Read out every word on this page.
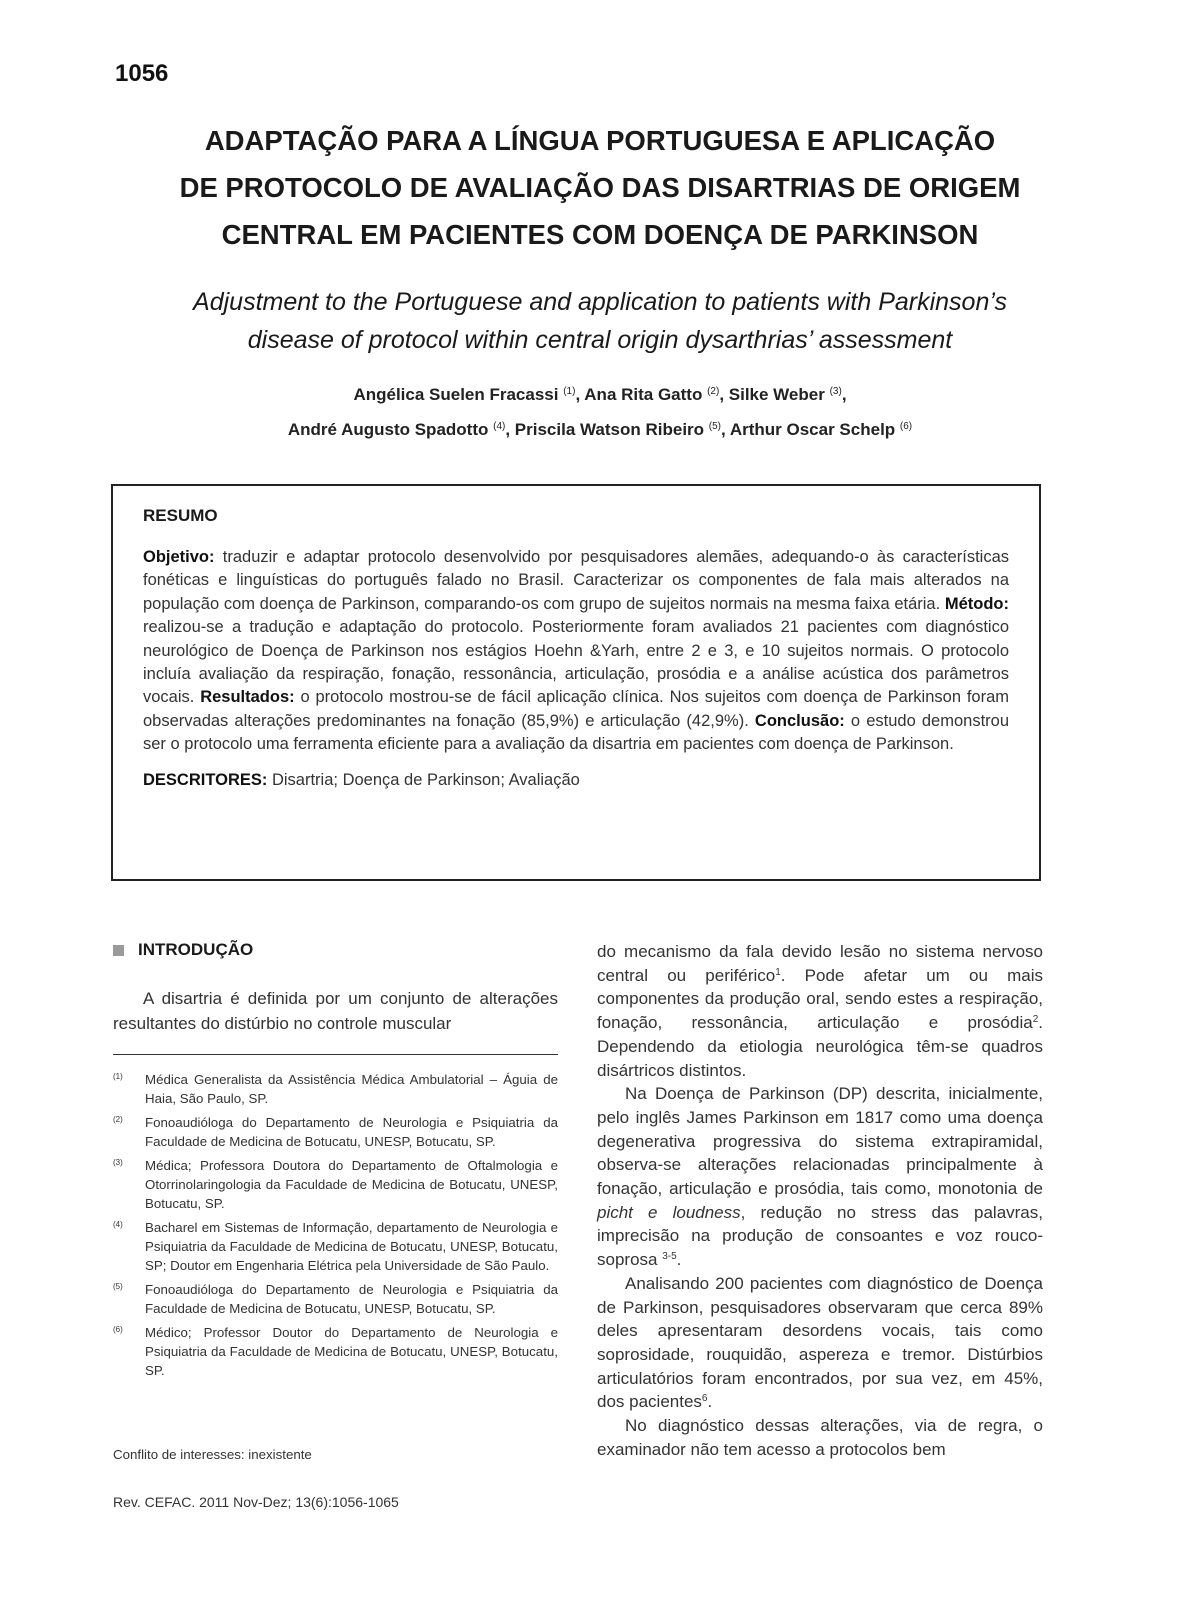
1056
ADAPTAÇÃO PARA A LÍNGUA PORTUGUESA E APLICAÇÃO
DE PROTOCOLO DE AVALIAÇÃO DAS DISARTRIAS DE ORIGEM
CENTRAL EM PACIENTES COM DOENÇA DE PARKINSON
Adjustment to the Portuguese and application to patients with Parkinson’s
disease of protocol within central origin dysarthrias’ assessment
Angélica Suelen Fracassi $^{(1)}$, Ana Rita Gatto $^{(2)}$, Silke Weber $^{(3)}$,
André Augusto Spadotto $^{(4)}$, Priscila Watson Ribeiro $^{(5)}$, Arthur Oscar Schelp $^{(6)}$
RESUMO

Objetivo: traduzir e adaptar protocolo desenvolvido por pesquisadores alemães, adequando-o às características fonéticas e linguísticas do português falado no Brasil. Caracterizar os componentes de fala mais alterados na população com doença de Parkinson, comparando-os com grupo de sujeitos normais na mesma faixa etária. Método: realizou-se a tradução e adaptação do protocolo. Posteriormente foram avaliados 21 pacientes com diagnóstico neurológico de Doença de Parkinson nos estágios Hoehn &Yarh, entre 2 e 3, e 10 sujeitos normais. O protocolo incluía avaliação da respiração, fonação, ressonância, articulação, prosódia e a análise acústica dos parâmetros vocais. Resultados: o protocolo mostrou-se de fácil aplicação clínica. Nos sujeitos com doença de Parkinson foram observadas alterações predominantes na fonação (85,9%) e articulação (42,9%). Conclusão: o estudo demonstrou ser o protocolo uma ferramenta eficiente para a avaliação da disartria em pacientes com doença de Parkinson.

DESCRITORES: Disartria; Doença de Parkinson; Avaliação
INTRODUÇÃO
A disartria é definida por um conjunto de alterações resultantes do distúrbio no controle muscular
(1)	Médica Generalista da Assistência Médica Ambulatorial – Águia de Haia, São Paulo, SP.
(2)	Fonoaudióloga do Departamento de Neurologia e Psiquiatria da Faculdade de Medicina de Botucatu, UNESP, Botucatu, SP.
(3)	Médica; Professora Doutora do Departamento de Oftalmologia e Otorrinolaringologia da Faculdade de Medicina de Botucatu, UNESP, Botucatu, SP.
(4)	Bacharel em Sistemas de Informação, departamento de Neurologia e Psiquiatria da Faculdade de Medicina de Botucatu, UNESP, Botucatu, SP; Doutor em Engenharia Elétrica pela Universidade de São Paulo.
(5)	Fonoaudióloga do Departamento de Neurologia e Psiquiatria da Faculdade de Medicina de Botucatu, UNESP, Botucatu, SP.
(6)	Médico; Professor Doutor do Departamento de Neurologia e Psiquiatria da Faculdade de Medicina de Botucatu, UNESP, Botucatu, SP.
Conflito de interesses: inexistente

do mecanismo da fala devido lesão no sistema nervoso central ou periférico$^1$. Pode afetar um ou mais componentes da produção oral, sendo estes a respiração, fonação, ressonância, articulação e prosódia$^2$. Dependendo da etiologia neurológica têm-se quadros disártricos distintos.

Na Doença de Parkinson (DP) descrita, inicialmente, pelo inglês James Parkinson em 1817 como uma doença degenerativa progressiva do sistema extrapiramidal, observa-se alterações relacionadas principalmente à fonação, articulação e prosódia, tais como, monotonia de picht e loudness, redução no stress das palavras, imprecisão na produção de consoantes e voz rouco-soprosa $^{3-5}$.

Analisando 200 pacientes com diagnóstico de Doença de Parkinson, pesquisadores observaram que cerca 89% deles apresentaram desordens vocais, tais como soprosidade, rouquidão, aspereza e tremor. Distúrbios articulatórios foram encontrados, por sua vez, em 45%, dos pacientes$^6$.

No diagnóstico dessas alterações, via de regra, o examinador não tem acesso a protocolos bem

Rev. CEFAC. 2011 Nov-Dez; 13(6):1056-1065
